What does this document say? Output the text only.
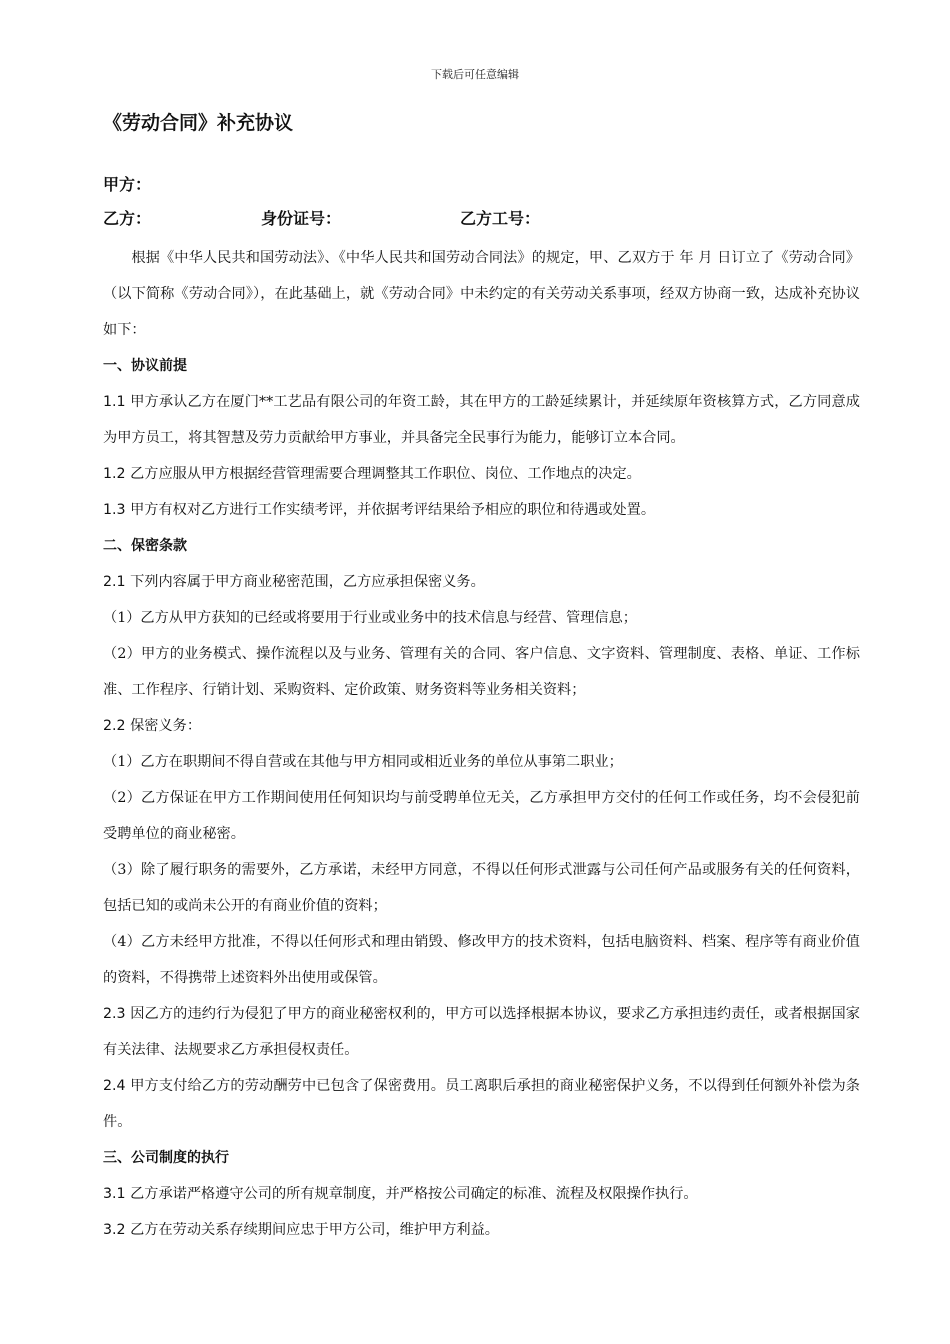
下载后可任意编辑
《劳动合同》补充协议
甲方：
乙方：	身份证号：	乙方工号：

根据《中华人民共和国劳动法》、《中华人民共和国劳动合同法》的规定，甲、乙双方于 年 月 日订立了《劳动合同》（以下简称《劳动合同》），在此基础上，就《劳动合同》中未约定的有关劳动关系事项，经双方协商一致，达成补充协议如下：

一、协议前提

1.1 甲方承认乙方在厦门**工艺品有限公司的年资工龄，其在甲方的工龄延续累计，并延续原年资核算方式，乙方同意成为甲方员工，将其智慧及劳力贡献给甲方事业，并具备完全民事行为能力，能够订立本合同。

1.2 乙方应服从甲方根据经营管理需要合理调整其工作职位、岗位、工作地点的决定。

1.3 甲方有权对乙方进行工作实绩考评，并依据考评结果给予相应的职位和待遇或处置。

二、保密条款

2.1 下列内容属于甲方商业秘密范围，乙方应承担保密义务。

（1）乙方从甲方获知的已经或将要用于行业或业务中的技术信息与经营、管理信息；

（2）甲方的业务模式、操作流程以及与业务、管理有关的合同、客户信息、文字资料、管理制度、表格、单证、工作标准、工作程序、行销计划、采购资料、定价政策、财务资料等业务相关资料；

2.2 保密义务：

（1）乙方在职期间不得自营或在其他与甲方相同或相近业务的单位从事第二职业；

（2）乙方保证在甲方工作期间使用任何知识均与前受聘单位无关，乙方承担甲方交付的任何工作或任务，均不会侵犯前受聘单位的商业秘密。

（3）除了履行职务的需要外，乙方承诺，未经甲方同意，不得以任何形式泄露与公司任何产品或服务有关的任何资料，包括已知的或尚未公开的有商业价值的资料；

（4）乙方未经甲方批准，不得以任何形式和理由销毁、修改甲方的技术资料，包括电脑资料、档案、程序等有商业价值的资料，不得携带上述资料外出使用或保管。

2.3 因乙方的违约行为侵犯了甲方的商业秘密权利的，甲方可以选择根据本协议，要求乙方承担违约责任，或者根据国家有关法律、法规要求乙方承担侵权责任。

2.4 甲方支付给乙方的劳动酬劳中已包含了保密费用。员工离职后承担的商业秘密保护义务，不以得到任何额外补偿为条件。

三、公司制度的执行

3.1 乙方承诺严格遵守公司的所有规章制度，并严格按公司确定的标准、流程及权限操作执行。

3.2 乙方在劳动关系存续期间应忠于甲方公司，维护甲方利益。
